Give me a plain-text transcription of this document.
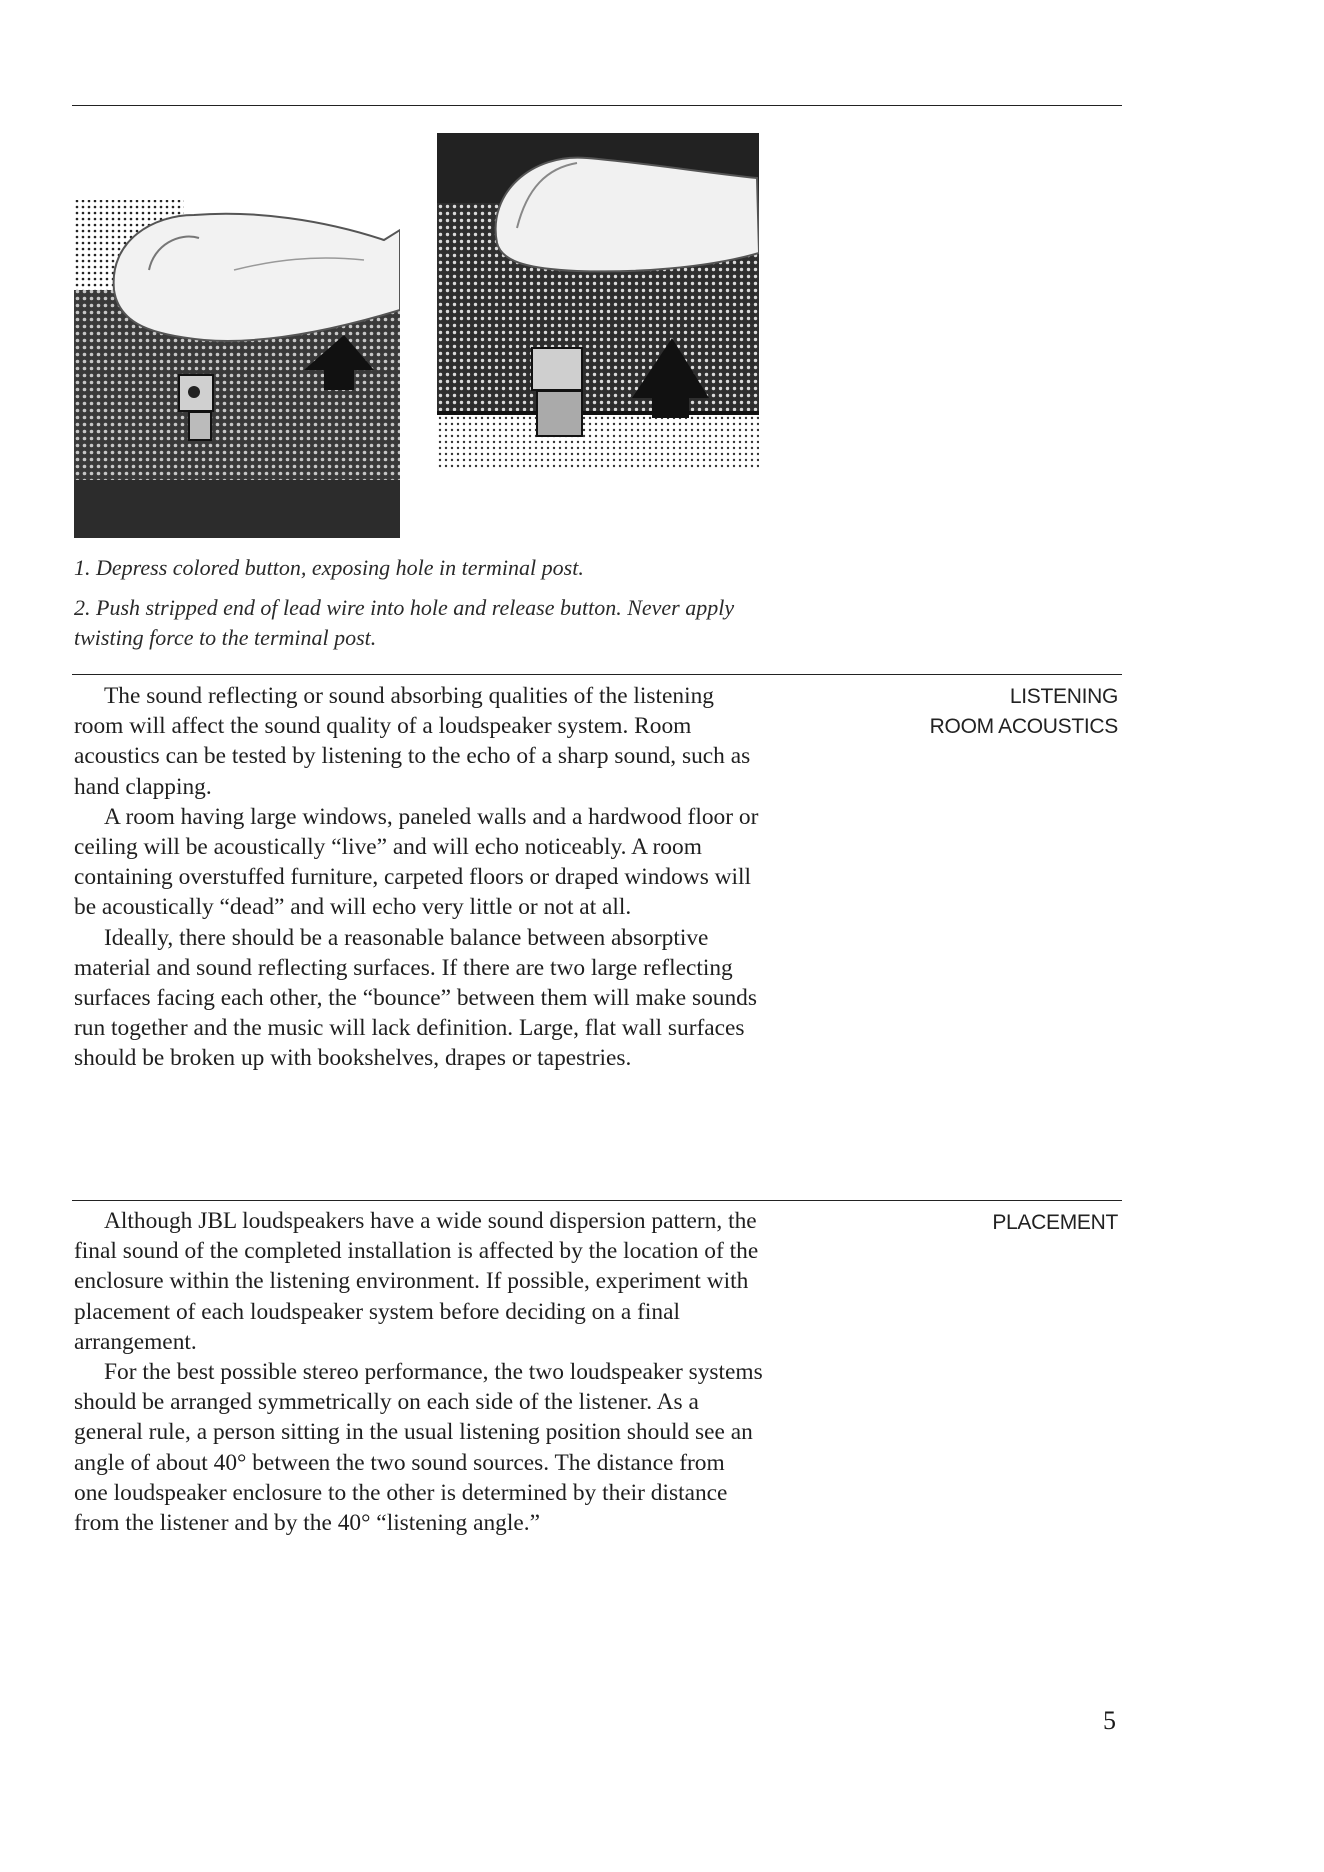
1. Depress colored button, exposing hole in terminal post.

2. Push stripped end of lead wire into hole and release button. Never apply twisting force to the terminal post.

The sound reflecting or sound absorbing qualities of the listening room will affect the sound quality of a loudspeaker system. Room acoustics can be tested by listening to the echo of a sharp sound, such as hand clapping.

A room having large windows, paneled walls and a hardwood floor or ceiling will be acoustically “live” and will echo noticeably. A room containing overstuffed furniture, carpeted floors or draped windows will be acoustically “dead” and will echo very little or not at all.

Ideally, there should be a reasonable balance between absorptive material and sound reflecting surfaces. If there are two large reflecting surfaces facing each other, the “bounce” between them will make sounds run together and the music will lack definition. Large, flat wall surfaces should be broken up with bookshelves, drapes or tapestries.

LISTENING
ROOM ACOUSTICS

Although JBL loudspeakers have a wide sound dispersion pattern, the final sound of the completed installation is affected by the location of the enclosure within the listening environment. If possible, experiment with placement of each loudspeaker system before deciding on a final arrangement.

For the best possible stereo performance, the two loudspeaker systems should be arranged symmetrically on each side of the listener. As a general rule, a person sitting in the usual listening position should see an angle of about 40° between the two sound sources. The distance from one loudspeaker enclosure to the other is determined by their distance from the listener and by the 40° “listening angle.”

PLACEMENT
5
